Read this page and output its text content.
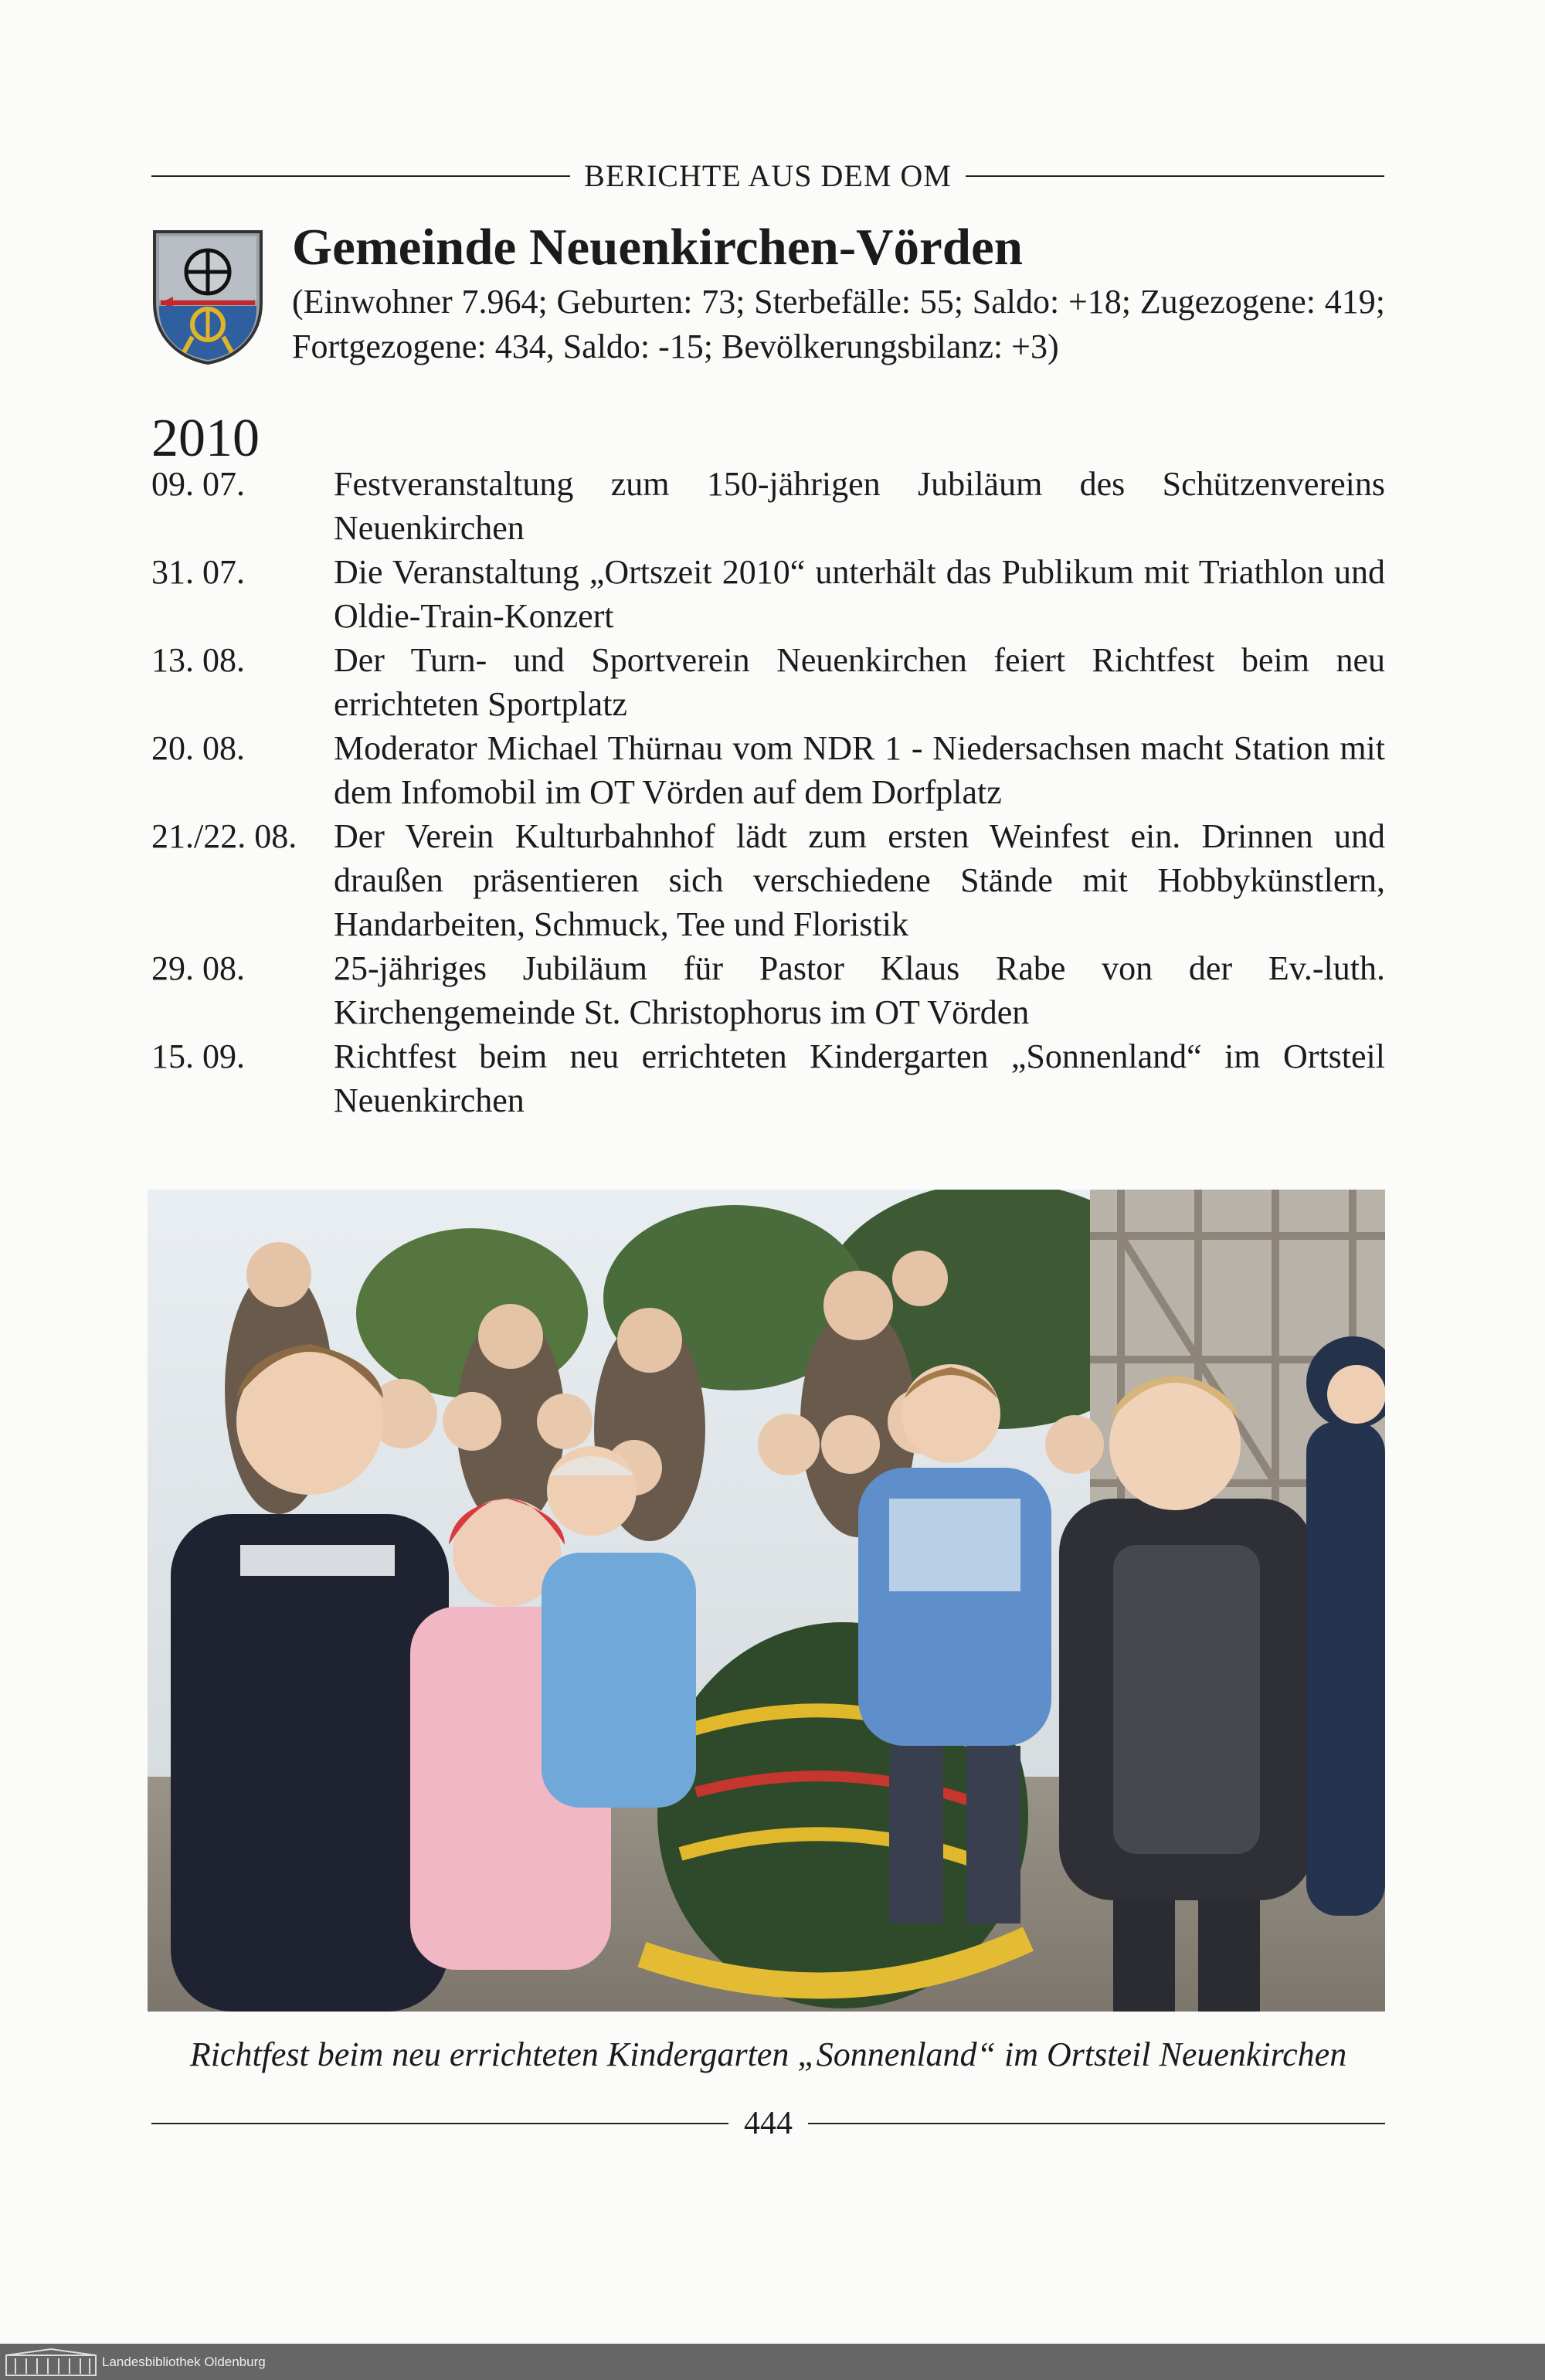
BERICHTE AUS DEM OM
Gemeinde Neuenkirchen-Vörden

(Einwohner 7.964; Geburten: 73; Sterbefälle: 55; Saldo: +18; Zugezogene: 419; Fortgezogene: 434, Saldo: -15; Bevölkerungsbilanz: +3)

2010
09. 07.	Festveranstaltung zum 150-jährigen Jubiläum des Schützenvereins Neuenkirchen
31. 07.	Die Veranstaltung „Ortszeit 2010“ unterhält das Publikum mit Triathlon und Oldie-Train-Konzert
13. 08.	Der Turn- und Sportverein Neuenkirchen feiert Richtfest beim neu errichteten Sportplatz
20. 08.	Moderator Michael Thürnau vom NDR 1 - Niedersachsen macht Station mit dem Infomobil im OT Vörden auf dem Dorfplatz
21./22. 08.	Der Verein Kulturbahnhof lädt zum ersten Weinfest ein. Drinnen und draußen präsentieren sich verschiedene Stände mit Hobbykünstlern, Handarbeiten, Schmuck, Tee und Floristik
29. 08.	25-jähriges Jubiläum für Pastor Klaus Rabe von der Ev.-luth. Kirchengemeinde St. Christophorus im OT Vörden
15. 09.	Richtfest beim neu errichteten Kindergarten „Sonnenland“ im Ortsteil Neuenkirchen
Richtfest beim neu errichteten Kindergarten „Sonnenland“ im Ortsteil Neuenkirchen
444
Landesbibliothek Oldenburg
